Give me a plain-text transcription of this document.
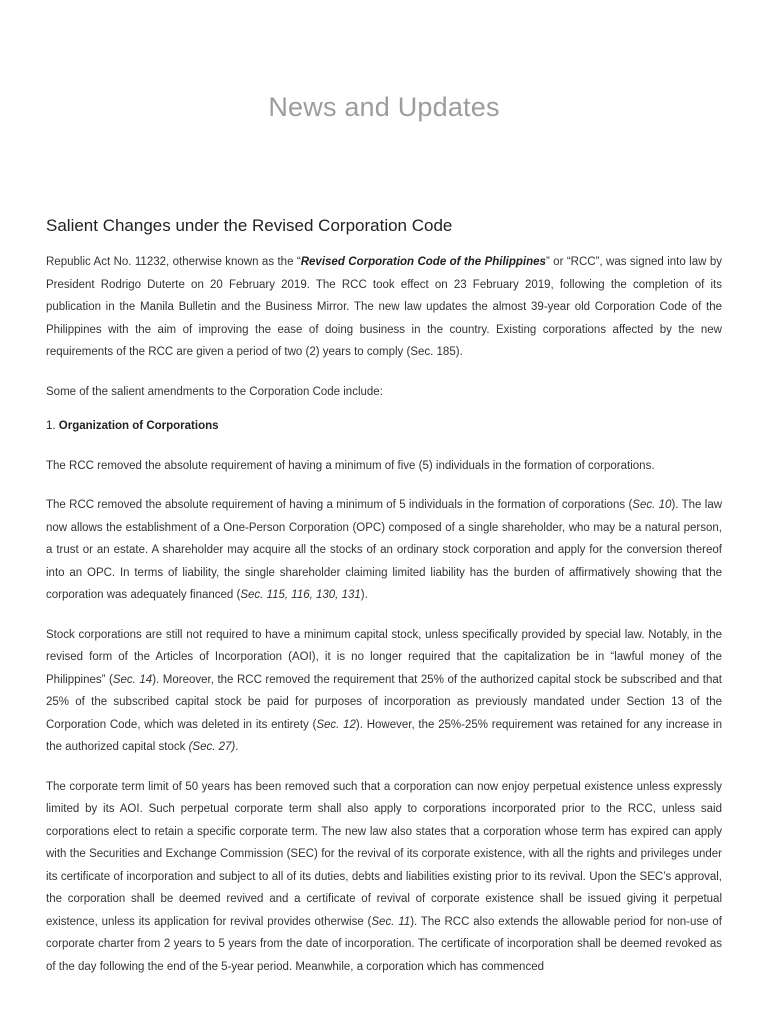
News and Updates
Salient Changes under the Revised Corporation Code

Republic Act No. 11232, otherwise known as the “Revised Corporation Code of the Philippines” or “RCC”, was signed into law by President Rodrigo Duterte on 20 February 2019. The RCC took effect on 23 February 2019, following the completion of its publication in the Manila Bulletin and the Business Mirror. The new law updates the almost 39-year old Corporation Code of the Philippines with the aim of improving the ease of doing business in the country. Existing corporations affected by the new requirements of the RCC are given a period of two (2) years to comply (Sec. 185).

Some of the salient amendments to the Corporation Code include:

1. Organization of Corporations

The RCC removed the absolute requirement of having a minimum of five (5) individuals in the formation of corporations.

The RCC removed the absolute requirement of having a minimum of 5 individuals in the formation of corporations (Sec. 10). The law now allows the establishment of a One-Person Corporation (OPC) composed of a single shareholder, who may be a natural person, a trust or an estate. A shareholder may acquire all the stocks of an ordinary stock corporation and apply for the conversion thereof into an OPC. In terms of liability, the single shareholder claiming limited liability has the burden of affirmatively showing that the corporation was adequately financed (Sec. 115, 116, 130, 131).

Stock corporations are still not required to have a minimum capital stock, unless specifically provided by special law. Notably, in the revised form of the Articles of Incorporation (AOI), it is no longer required that the capitalization be in “lawful money of the Philippines” (Sec. 14). Moreover, the RCC removed the requirement that 25% of the authorized capital stock be subscribed and that 25% of the subscribed capital stock be paid for purposes of incorporation as previously mandated under Section 13 of the Corporation Code, which was deleted in its entirety (Sec. 12). However, the 25%-25% requirement was retained for any increase in the authorized capital stock (Sec. 27).

The corporate term limit of 50 years has been removed such that a corporation can now enjoy perpetual existence unless expressly limited by its AOI. Such perpetual corporate term shall also apply to corporations incorporated prior to the RCC, unless said corporations elect to retain a specific corporate term. The new law also states that a corporation whose term has expired can apply with the Securities and Exchange Commission (SEC) for the revival of its corporate existence, with all the rights and privileges under its certificate of incorporation and subject to all of its duties, debts and liabilities existing prior to its revival. Upon the SEC’s approval, the corporation shall be deemed revived and a certificate of revival of corporate existence shall be issued giving it perpetual existence, unless its application for revival provides otherwise (Sec. 11). The RCC also extends the allowable period for non-use of corporate charter from 2 years to 5 years from the date of incorporation. The certificate of incorporation shall be deemed revoked as of the day following the end of the 5-year period. Meanwhile, a corporation which has commenced
